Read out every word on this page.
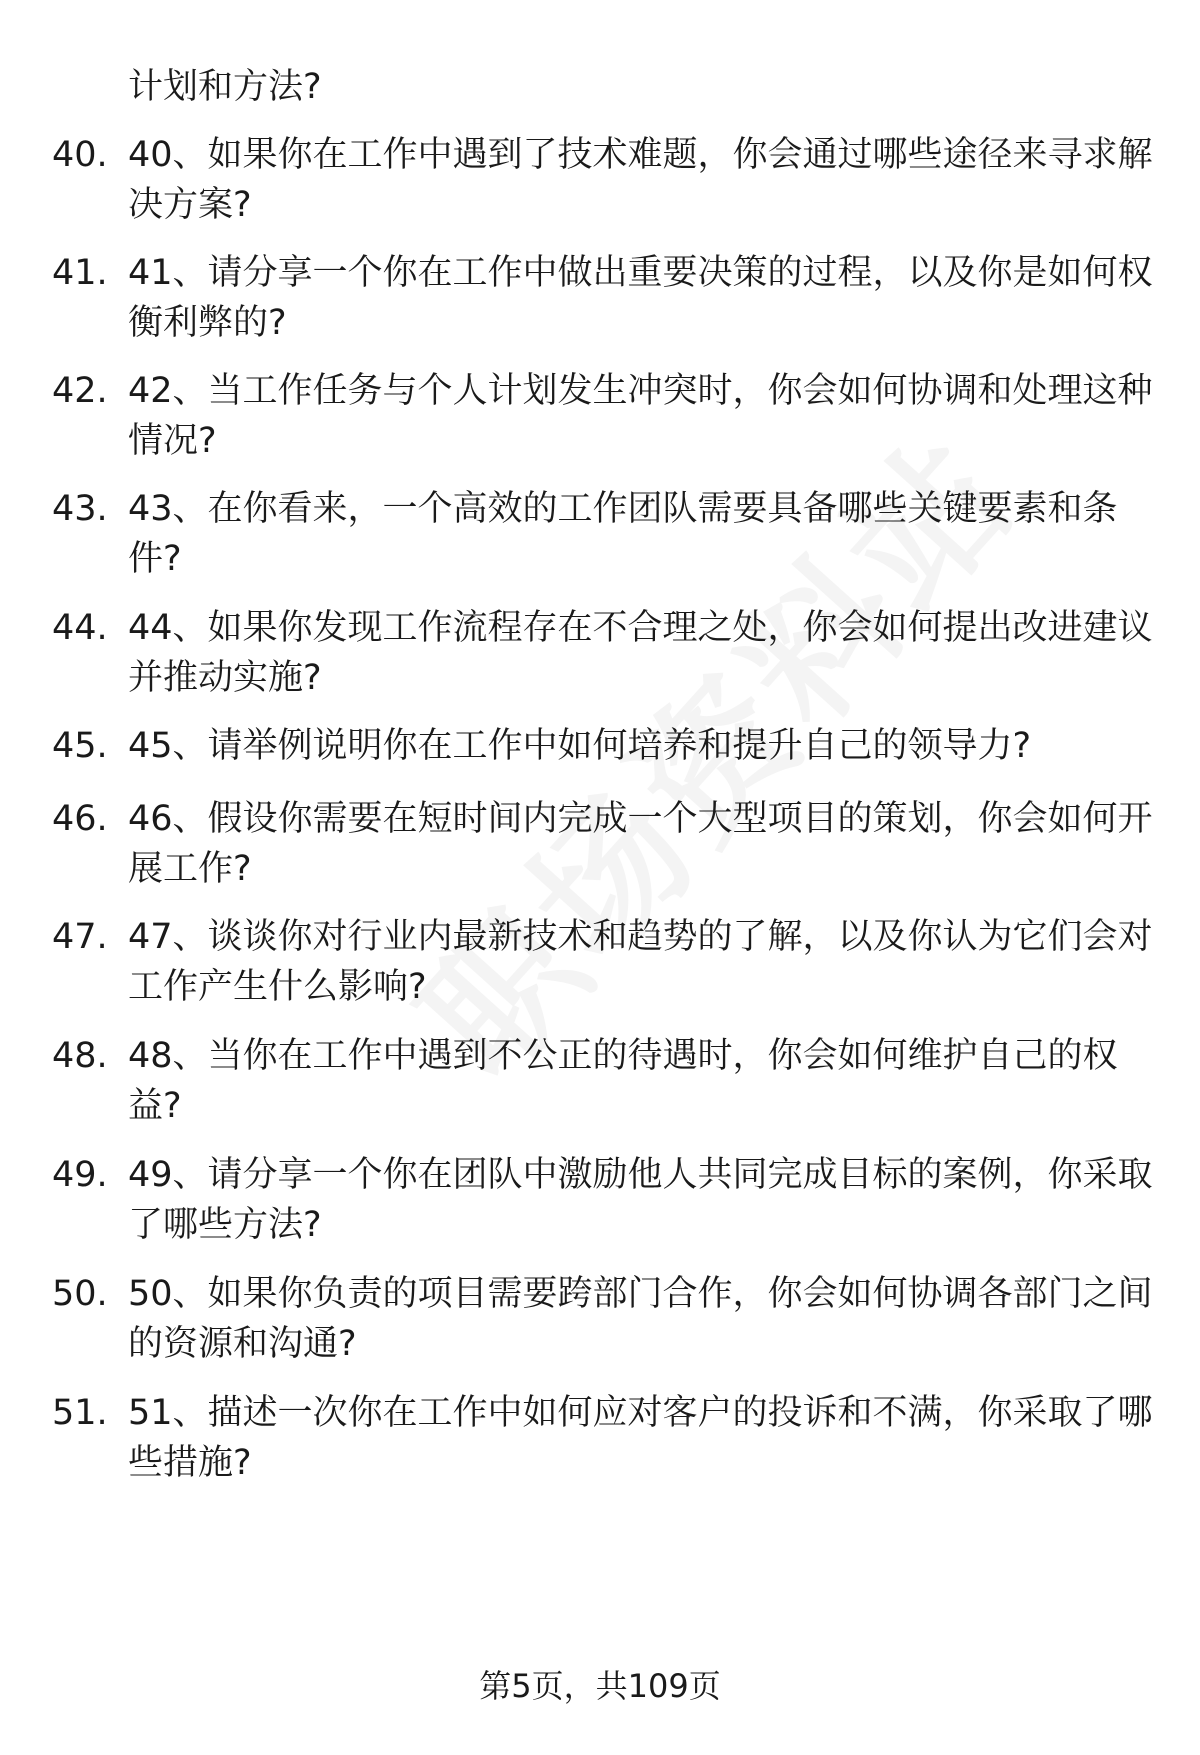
计划和方法?
40. 40、如果你在工作中遇到了技术难题，你会通过哪些途径来寻求解决方案?
41. 41、请分享一个你在工作中做出重要决策的过程，以及你是如何权衡利弊的?
42. 42、当工作任务与个人计划发生冲突时，你会如何协调和处理这种情况?
43. 43、在你看来，一个高效的工作团队需要具备哪些关键要素和条件?
44. 44、如果你发现工作流程存在不合理之处，你会如何提出改进建议并推动实施?
45. 45、请举例说明你在工作中如何培养和提升自己的领导力?
46. 46、假设你需要在短时间内完成一个大型项目的策划，你会如何开展工作?
47. 47、谈谈你对行业内最新技术和趋势的了解，以及你认为它们会对工作产生什么影响?
48. 48、当你在工作中遇到不公正的待遇时，你会如何维护自己的权益?
49. 49、请分享一个你在团队中激励他人共同完成目标的案例，你采取了哪些方法?
50. 50、如果你负责的项目需要跨部门合作，你会如何协调各部门之间的资源和沟通?
51. 51、描述一次你在工作中如何应对客户的投诉和不满，你采取了哪些措施?
第5页，共109页
